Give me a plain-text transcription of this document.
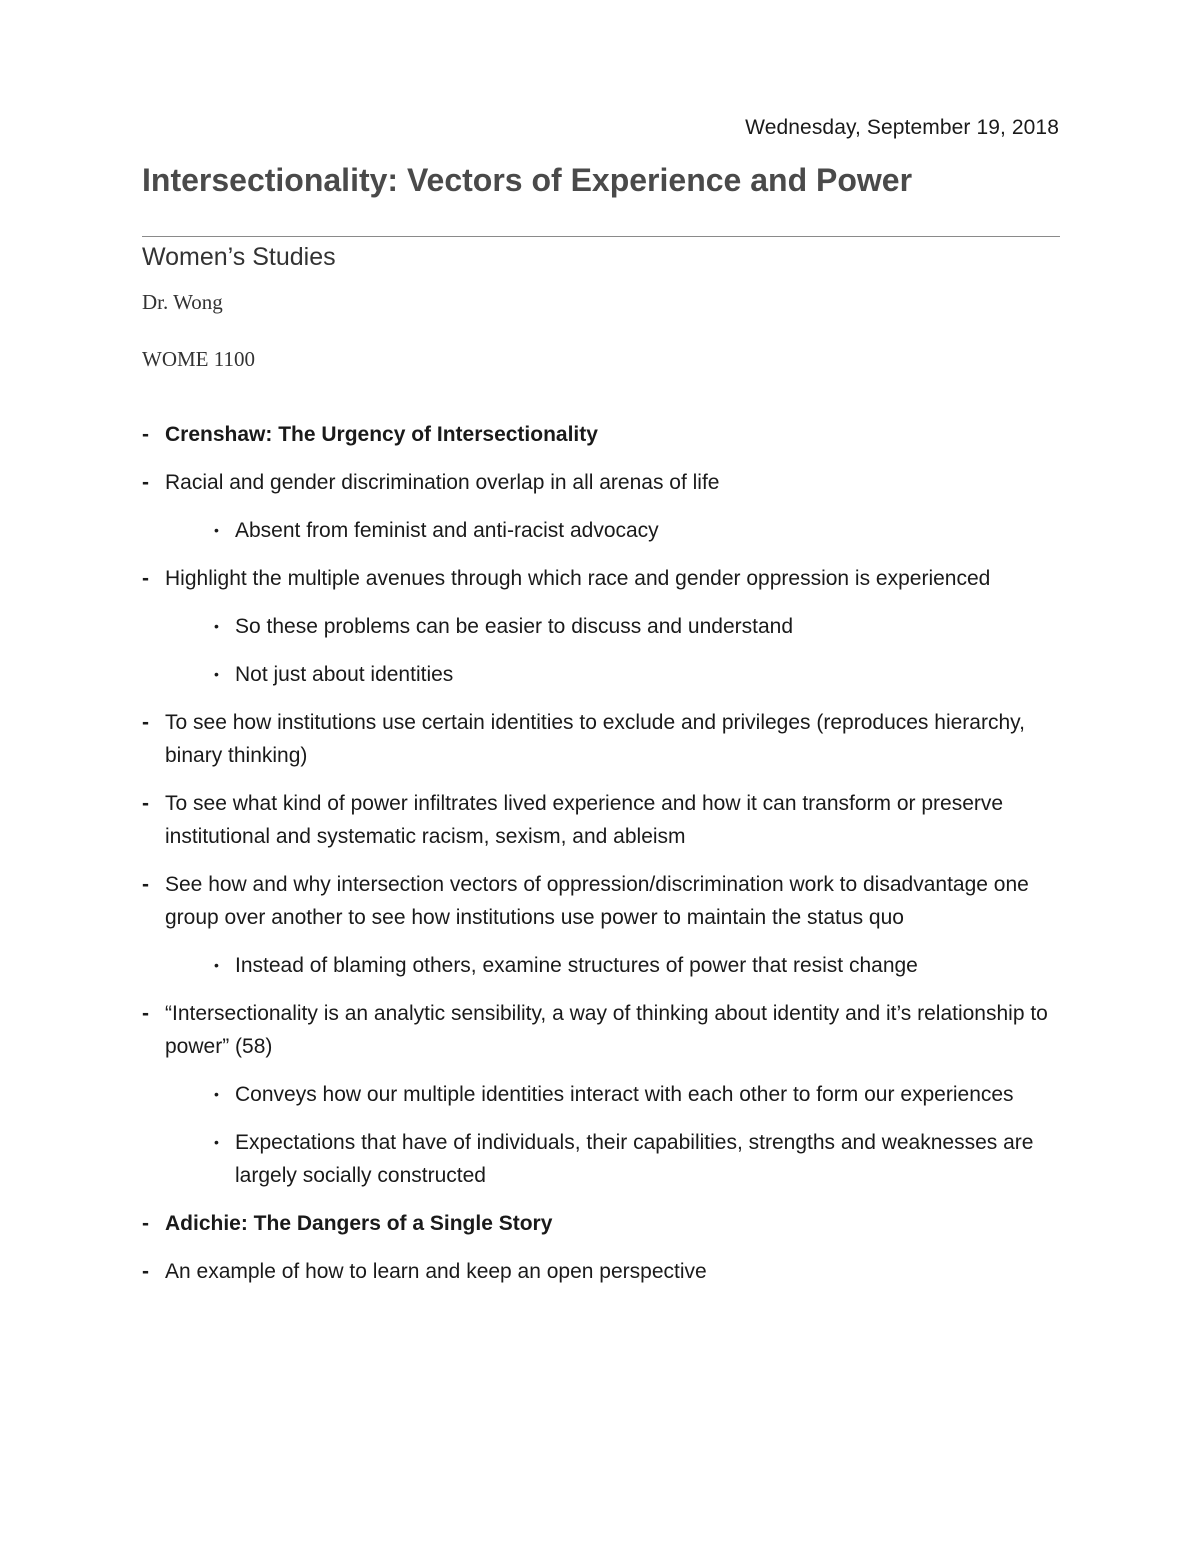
Wednesday, September 19, 2018
Intersectionality: Vectors of Experience and Power
Women’s Studies
Dr. Wong
WOME 1100
- Crenshaw: The Urgency of Intersectionality
- Racial and gender discrimination overlap in all arenas of life
• Absent from feminist and anti-racist advocacy
- Highlight the multiple avenues through which race and gender oppression is experienced
• So these problems can be easier to discuss and understand
• Not just about identities
- To see how institutions use certain identities to exclude and privileges (reproduces hierarchy, binary thinking)
- To see what kind of power infiltrates lived experience and how it can transform or preserve institutional and systematic racism, sexism, and ableism
- See how and why intersection vectors of oppression/discrimination work to disadvantage one group over another to see how institutions use power to maintain the status quo
• Instead of blaming others, examine structures of power that resist change
- “Intersectionality is an analytic sensibility, a way of thinking about identity and it’s relationship to power” (58)
• Conveys how our multiple identities interact with each other to form our experiences
• Expectations that have of individuals, their capabilities, strengths and weaknesses are largely socially constructed
- Adichie: The Dangers of a Single Story
- An example of how to learn and keep an open perspective
